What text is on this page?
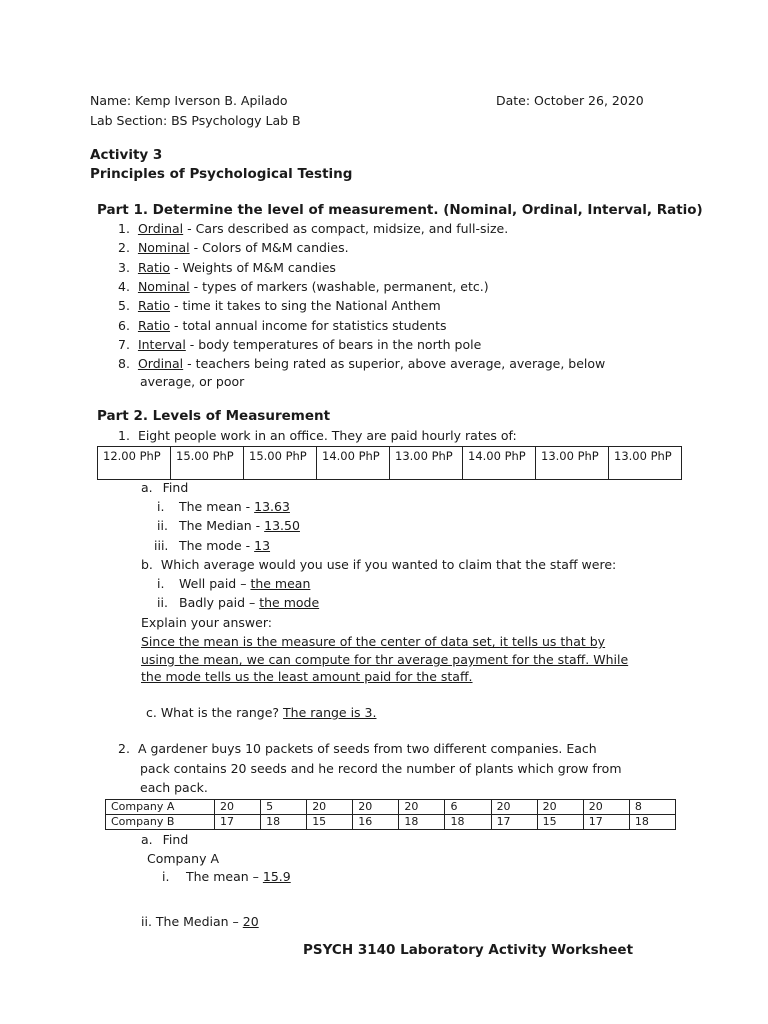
Name: Kemp Iverson B. Apilado	Date: October 26, 2020
Lab Section: BS Psychology Lab B
Activity 3
Principles of Psychological Testing
Part 1. Determine the level of measurement. (Nominal, Ordinal, Interval, Ratio)
1. Ordinal - Cars described as compact, midsize, and full-size.
2. Nominal - Colors of M&M candies.
3. Ratio - Weights of M&M candies
4. Nominal - types of markers (washable, permanent, etc.)
5. Ratio - time it takes to sing the National Anthem
6. Ratio - total annual income for statistics students
7. Interval - body temperatures of bears in the north pole
8. Ordinal - teachers being rated as superior, above average, average, below
average, or poor
Part 2. Levels of Measurement
1. Eight people work in an office. They are paid hourly rates of:
12.00 PhP	15.00 PhP	15.00 PhP	14.00 PhP	13.00 PhP	14.00 PhP	13.00 PhP	13.00 PhP
a. Find
i. The mean - 13.63
ii. The Median - 13.50
iii. The mode - 13
b. Which average would you use if you wanted to claim that the staff were:
i. Well paid – the mean
ii. Badly paid – the mode
Explain your answer:
Since the mean is the measure of the center of data set, it tells us that by
using the mean, we can compute for thr average payment for the staff. While
the mode tells us the least amount paid for the staff.
c. What is the range? The range is 3.
2. A gardener buys 10 packets of seeds from two different companies. Each
pack contains 20 seeds and he record the number of plants which grow from
each pack.
Company A	20	5	20	20	20	6	20	20	20	8
Company B	17	18	15	16	18	18	17	15	17	18
a. Find
Company A
i. The mean – 15.9
ii. The Median – 20
PSYCH 3140 Laboratory Activity Worksheet
